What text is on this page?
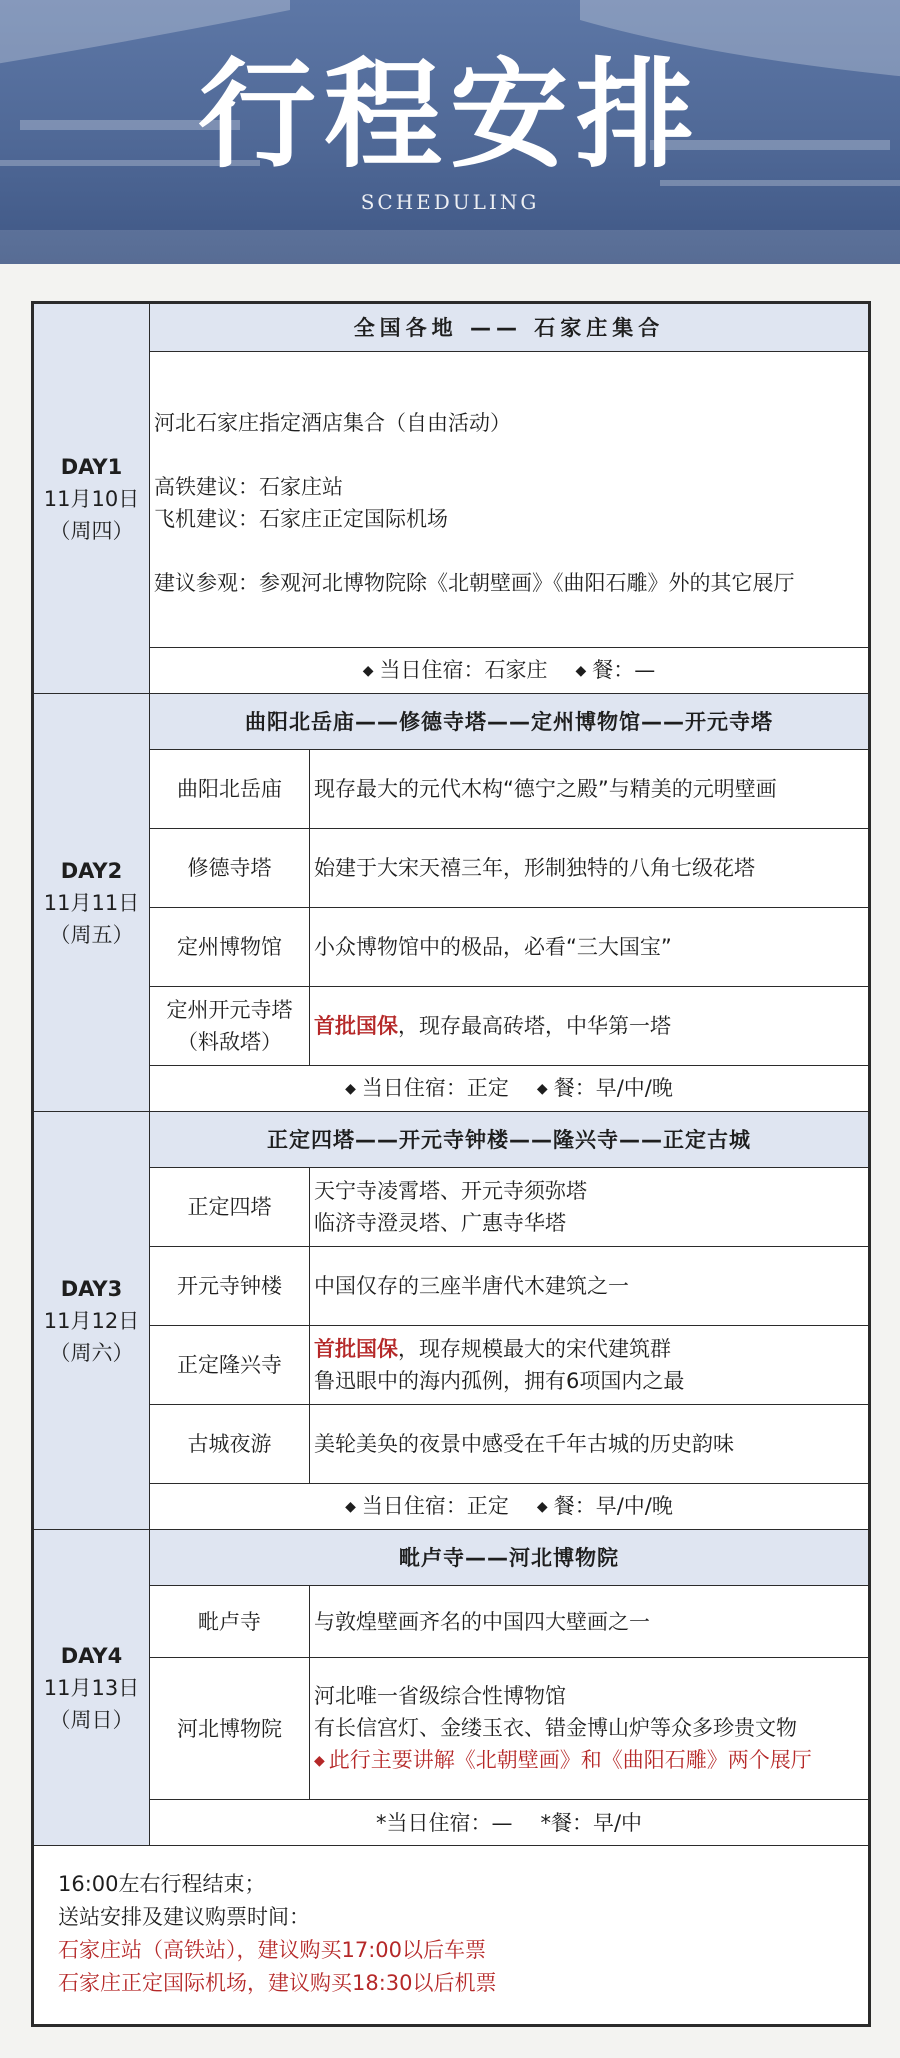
行程安排
SCHEDULING
DAY1
11月10日
（周四）	全国各地 —— 石家庄集合	

	河北石家庄指定酒店集合（自由活动）

高铁建议：石家庄站

飞机建议：石家庄正定国际机场

建议参观：参观河北博物院除《北朝壁画》《曲阳石雕》外的其它展厅	

	◆ 当日住宿：石家庄 ◆ 餐：—	

DAY2
11月11日
（周五）	曲阳北岳庙——修德寺塔——定州博物馆——开元寺塔	
	曲阳北岳庙	现存最大的元代木构“德宁之殿”与精美的元明壁画
	修德寺塔	始建于大宋天禧三年，形制独特的八角七级花塔
	定州博物馆	小众博物馆中的极品，必看“三大国宝”

	定州开元寺塔
（料敌塔）	首批国保，现存最高砖塔，中华第一塔
	◆ 当日住宿：正定 ◆ 餐：早/中/晚	

DAY3
11月12日
（周六）	正定四塔——开元寺钟楼——隆兴寺——正定古城	
	正定四塔	天宁寺凌霄塔、开元寺须弥塔
临济寺澄灵塔、广惠寺华塔

	开元寺钟楼	中国仅存的三座半唐代木建筑之一
	正定隆兴寺	首批国保，现存规模最大的宋代建筑群
鲁迅眼中的海内孤例，拥有6项国内之最

	古城夜游	美轮美奂的夜景中感受在千年古城的历史韵味
	◆ 当日住宿：正定 ◆ 餐：早/中/晚	

DAY4
11月13日
（周日）	毗卢寺——河北博物院	
	毗卢寺	与敦煌壁画齐名的中国四大壁画之一
	河北博物院	河北唯一省级综合性博物馆
有长信宫灯、金缕玉衣、错金博山炉等众多珍贵文物
◆ 此行主要讲解《北朝壁画》和《曲阳石雕》两个展厅

	*当日住宿：— *餐：早/中	

16:00左右行程结束；
送站安排及建议购票时间：
石家庄站（高铁站），建议购买17:00以后车票
石家庄正定国际机场，建议购买18:30以后机票		
